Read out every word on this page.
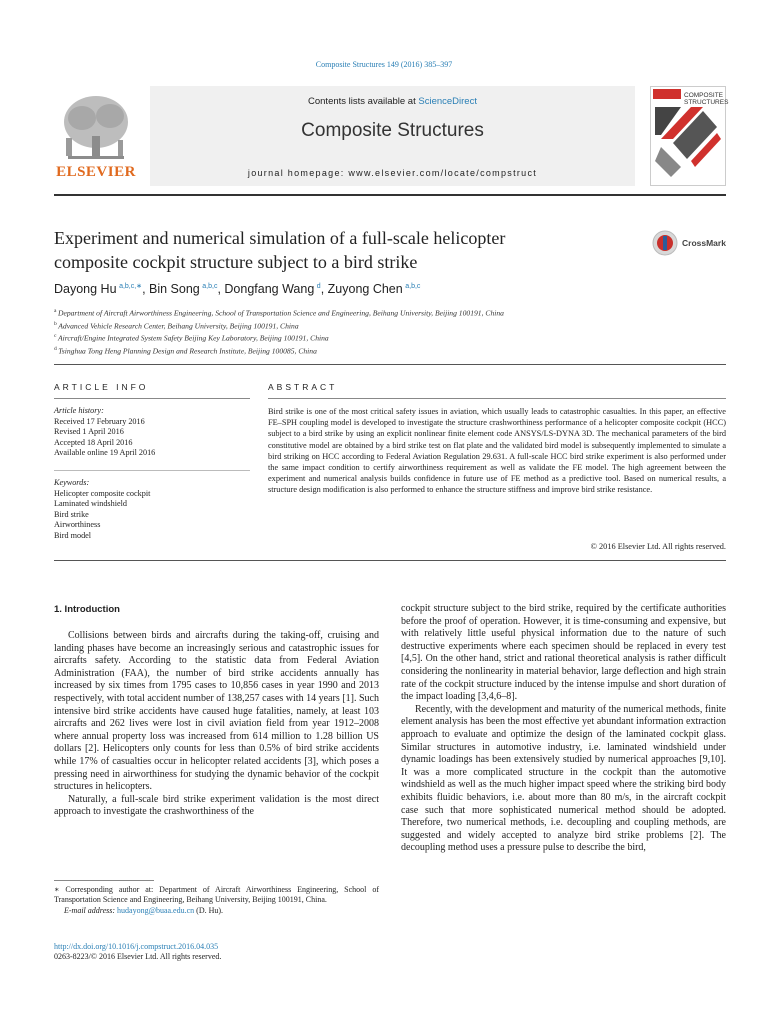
Composite Structures 149 (2016) 385–397
Contents lists available at ScienceDirect
Composite Structures
journal homepage: www.elsevier.com/locate/compstruct
ELSEVIER
COMPOSITE
STRUCTURES
Experiment and numerical simulation of a full-scale helicopter
composite cockpit structure subject to a bird strike
CrossMark
Dayong Hu  $^{a,b,c,∗}$, Bin Song  $^{a,b,c}$, Dongfang Wang  $^d$, Zuyong Chen  $^{a,b,c}$
$^a$  Department of Aircraft Airworthiness Engineering, School of Transportation Science and Engineering, Beihang University, Beijing 100191, China
$^b$  Advanced Vehicle Research Center, Beihang University, Beijing 100191, China
$^c$  Aircraft/Engine Integrated System Safety Beijing Key Laboratory, Beijing 100191, China
$^d$  Tsinghua Tong Heng Planning Design and Research Institute, Beijing 100085, China
ARTICLE INFO	ABSTRACT
Article history:
Received 17 February 2016
Revised 1 April 2016
Accepted 18 April 2016
Available online 19 April 2016
Keywords:
Helicopter composite cockpit
Laminated windshield
Bird strike
Airworthiness
Bird model
Bird strike is one of the most critical safety issues in aviation, which usually leads to catastrophic casualties. In this paper, an effective FE–SPH coupling model is developed to investigate the structure crashworthiness performance of a helicopter composite cockpit (HCC) subject to a bird strike by using an explicit nonlinear finite element code ANSYS/LS-DYNA 3D. The mechanical parameters of the bird constitutive model are obtained by a bird strike test on flat plate and the validated bird model is subsequently implemented to simulate a bird striking on HCC according to Federal Aviation Regulation 29.631. A full-scale HCC bird strike experiment is also performed under the same impact condition to certify airworthiness requirement as well as validate the FE model. The high agreement between the experiment and numerical analysis builds confidence in future use of FE method as a predictive tool. Based on numerical results, a structure design modification is also performed to enhance the structure stiffness and improve bird strike resistance.
© 2016 Elsevier Ltd. All rights reserved.
1. Introduction

Collisions between birds and aircrafts during the taking-off, cruising and landing phases have become an increasingly serious and catastrophic issues for aircrafts safety. According to the statistic data from Federal Aviation Administration (FAA), the number of bird strike accidents annually has increased by six times from 1795 cases to 10,856 cases in year 1990 and 2013 respectively, with total accident number of 138,257 cases with 14 years [1]. Such intensive bird strike accidents have caused huge fatalities, namely, at least 103 aircrafts and 262 lives were lost in civil aviation field from year 1912–2008 where annual property loss was increased from 614 million to 1.28 billion US dollars [2]. Helicopters only counts for less than 0.5% of bird strike accidents while 17% of casualties occur in helicopter related accidents [3], which poses a pressing need in airworthiness for studying the dynamic behavior of the cockpit structures in helicopters.

Naturally, a full-scale bird strike experiment validation is the most direct approach to investigate the crashworthiness of the

cockpit structure subject to the bird strike, required by the certificate authorities before the proof of operation. However, it is time-consuming and expensive, but with relatively little useful physical information due to the nature of such destructive experiments where each specimen should be replaced in every test [4,5]. On the other hand, strict and rational theoretical analysis is rather difficult considering the nonlinearity in material behavior, large deflection and high strain rate of the cockpit structure induced by the intense impulse and short duration of the impact loading [3,4,6–8].

Recently, with the development and maturity of the numerical methods, finite element analysis has been the most effective yet abundant information extraction approach to evaluate and optimize the design of the laminated cockpit glass. Similar structures in automotive industry, i.e. laminated windshield under dynamic loadings has been extensively studied by numerical approaches [9,10]. It was a more complicated structure in the cockpit than the automotive windshield as well as the much higher impact speed where the striking bird body exhibits fluidic behaviors, i.e. about more than 80 m/s, in the aircraft cockpit case such that more sophisticated numerical method should be adopted. Therefore, two numerical methods, i.e. decoupling and coupling methods, are suggested and widely accepted to analyze bird strike problems [2]. The decoupling method uses a pressure pulse to describe the bird,

∗ Corresponding author at: Department of Aircraft Airworthiness Engineering, School of Transportation Science and Engineering, Beihang University, Beijing 100191, China.

E-mail address: hudayong@buaa.edu.cn (D. Hu).

http://dx.doi.org/10.1016/j.compstruct.2016.04.035
0263-8223/© 2016 Elsevier Ltd. All rights reserved.
